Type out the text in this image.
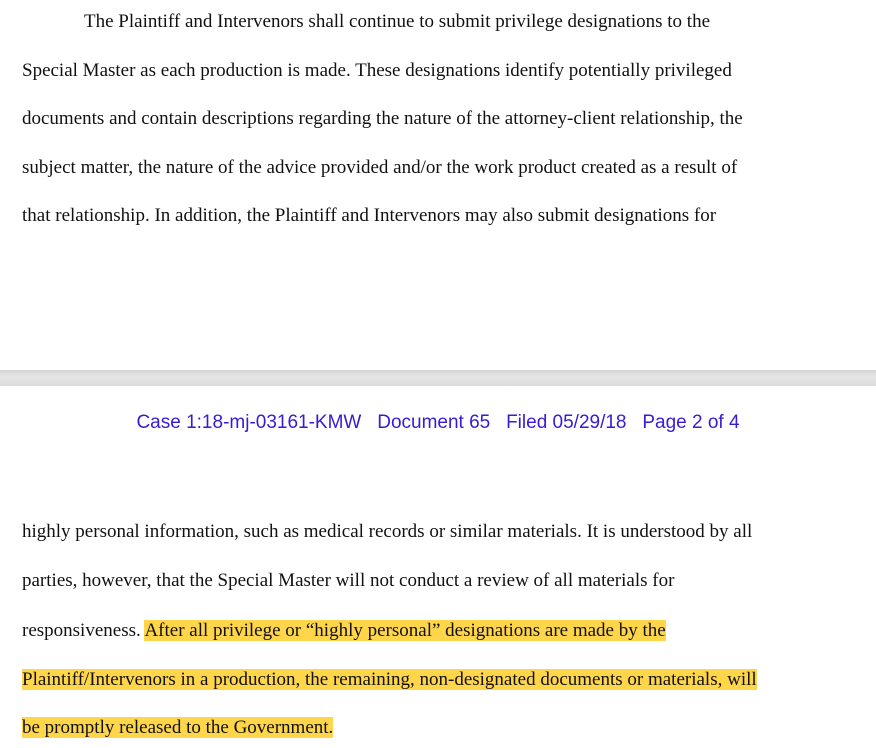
The Plaintiff and Intervenors shall continue to submit privilege designations to the
Special Master as each production is made. These designations identify potentially privileged
documents and contain descriptions regarding the nature of the attorney-client relationship, the
subject matter, the nature of the advice provided and/or the work product created as a result of
that relationship. In addition, the Plaintiff and Intervenors may also submit designations for
Case 1:18-mj-03161-KMW Document 65 Filed 05/29/18 Page 2 of 4
highly personal information, such as medical records or similar materials. It is understood by all
parties, however, that the Special Master will not conduct a review of all materials for
responsiveness. After all privilege or “highly personal” designations are made by the
Plaintiff/Intervenors in a production, the remaining, non-designated documents or materials, will
be promptly released to the Government.
